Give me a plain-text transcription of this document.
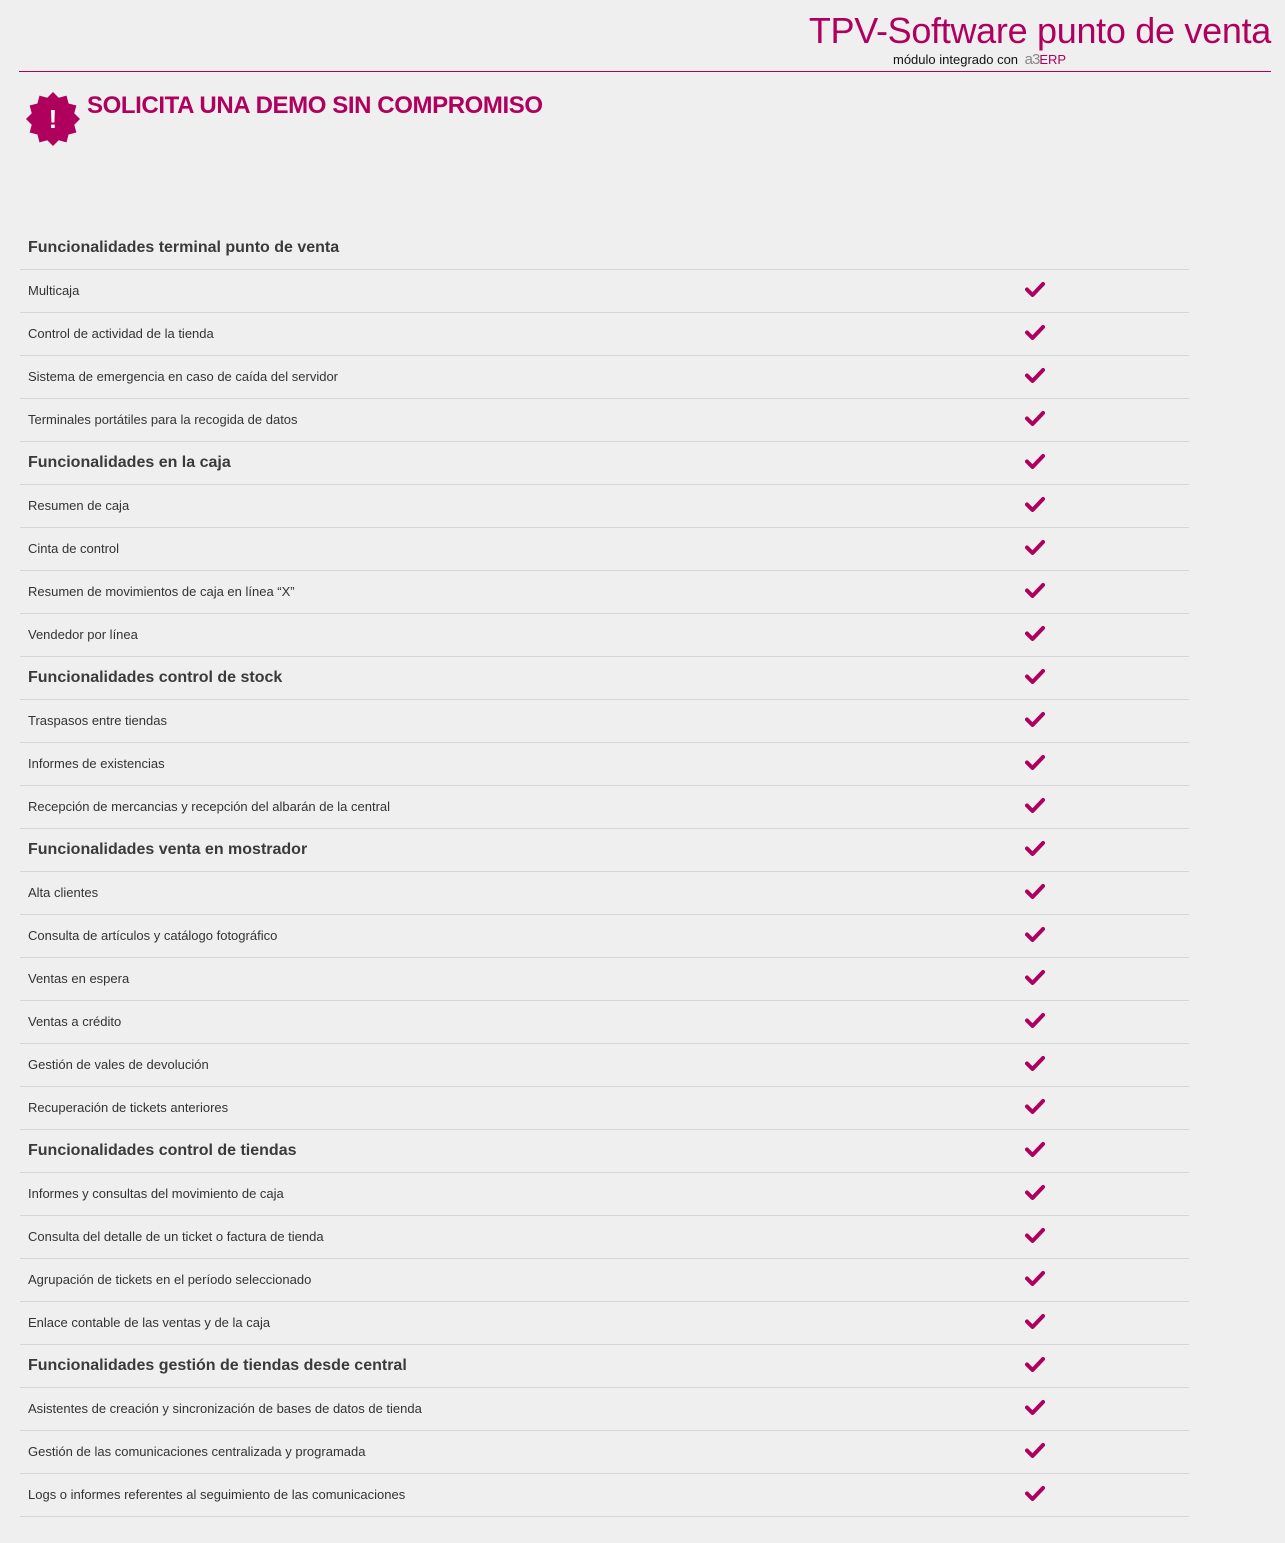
TPV-Software punto de venta
módulo integrado con a3ERP
! SOLICITA UNA DEMO SIN COMPROMISO
Funcionalidades terminal punto de venta
Multicaja
Control de actividad de la tienda
Sistema de emergencia en caso de caída del servidor
Terminales portátiles para la recogida de datos
Funcionalidades en la caja
Resumen de caja
Cinta de control
Resumen de movimientos de caja en línea “X”
Vendedor por línea
Funcionalidades control de stock
Traspasos entre tiendas
Informes de existencias
Recepción de mercancias y recepción del albarán de la central
Funcionalidades venta en mostrador
Alta clientes
Consulta de artículos y catálogo fotográfico
Ventas en espera
Ventas a crédito
Gestión de vales de devolución
Recuperación de tickets anteriores
Funcionalidades control de tiendas
Informes y consultas del movimiento de caja
Consulta del detalle de un ticket o factura de tienda
Agrupación de tickets en el período seleccionado
Enlace contable de las ventas y de la caja
Funcionalidades gestión de tiendas desde central
Asistentes de creación y sincronización de bases de datos de tienda
Gestión de las comunicaciones centralizada y programada
Logs o informes referentes al seguimiento de las comunicaciones
